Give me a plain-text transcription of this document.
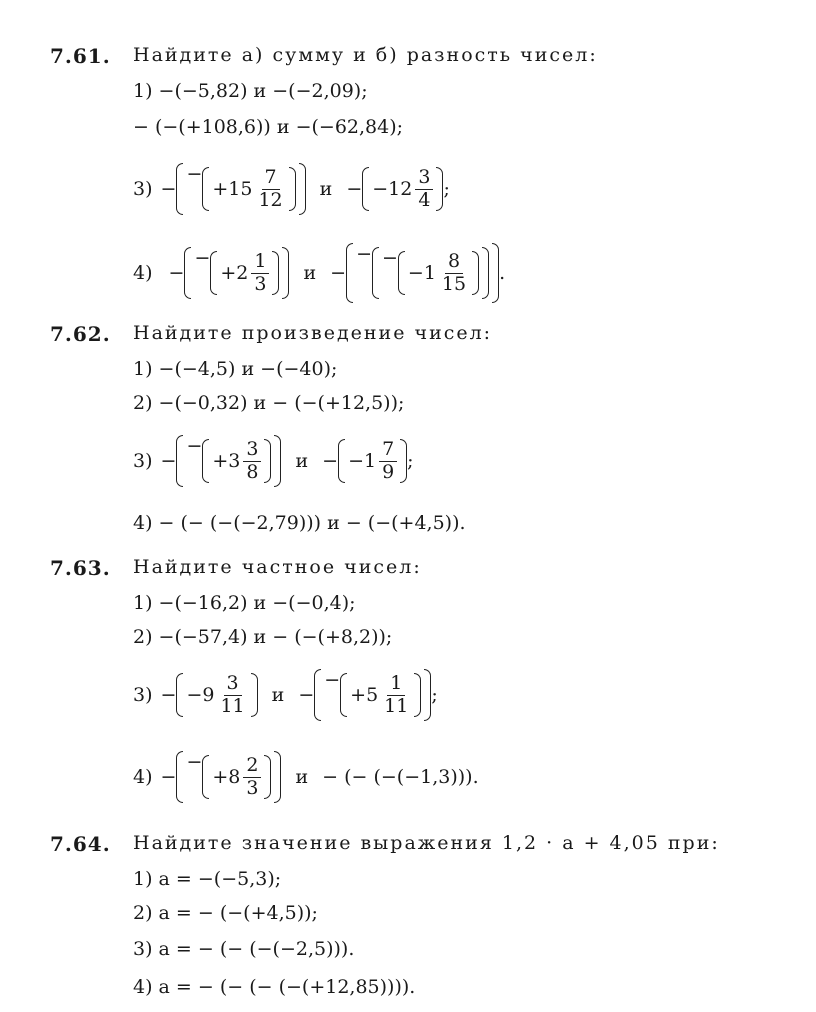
7.61. Найдите а) сумму и б) разность чисел:
1) −(−5,82) и −(−2,09);
− (−(+108,6)) и −(−62,84);
3) −
−
$+15 \frac{7}{12}$ $и - -12 \frac{3}{4}$ ;
4) −
−
$+2 \frac{1}{3}$ и −
− −
$-1 \frac{8}{15}$ .
7.62. Найдите произведение чисел:
1) −(−4,5) и −(−40);
2) −(−0,32) и − (−(+12,5));
3) −
−
$+3 \frac{3}{8}$ $и - -1 \frac{7}{9}$ ;
4) − (− (−(−2,79))) и − (−(+4,5)).
7.63. Найдите частное чисел:
1) −(−16,2) и −(−0,4);
2) −(−57,4) и − (−(+8,2));
$3) - -9 \frac{3}{11}$ и −
−
$+5 \frac{1}{11}$ ;
4) −
−
$+8 \frac{2}{3}$ и − (− (−(−1,3))).
7.64. Найдите значение выражения 1,2 · a + 4,05 при:
1) a = −(−5,3);
2) a = − (−(+4,5));
3) a = − (− (−(−2,5))).
4) a = − (− (− (−(+12,85)))).
